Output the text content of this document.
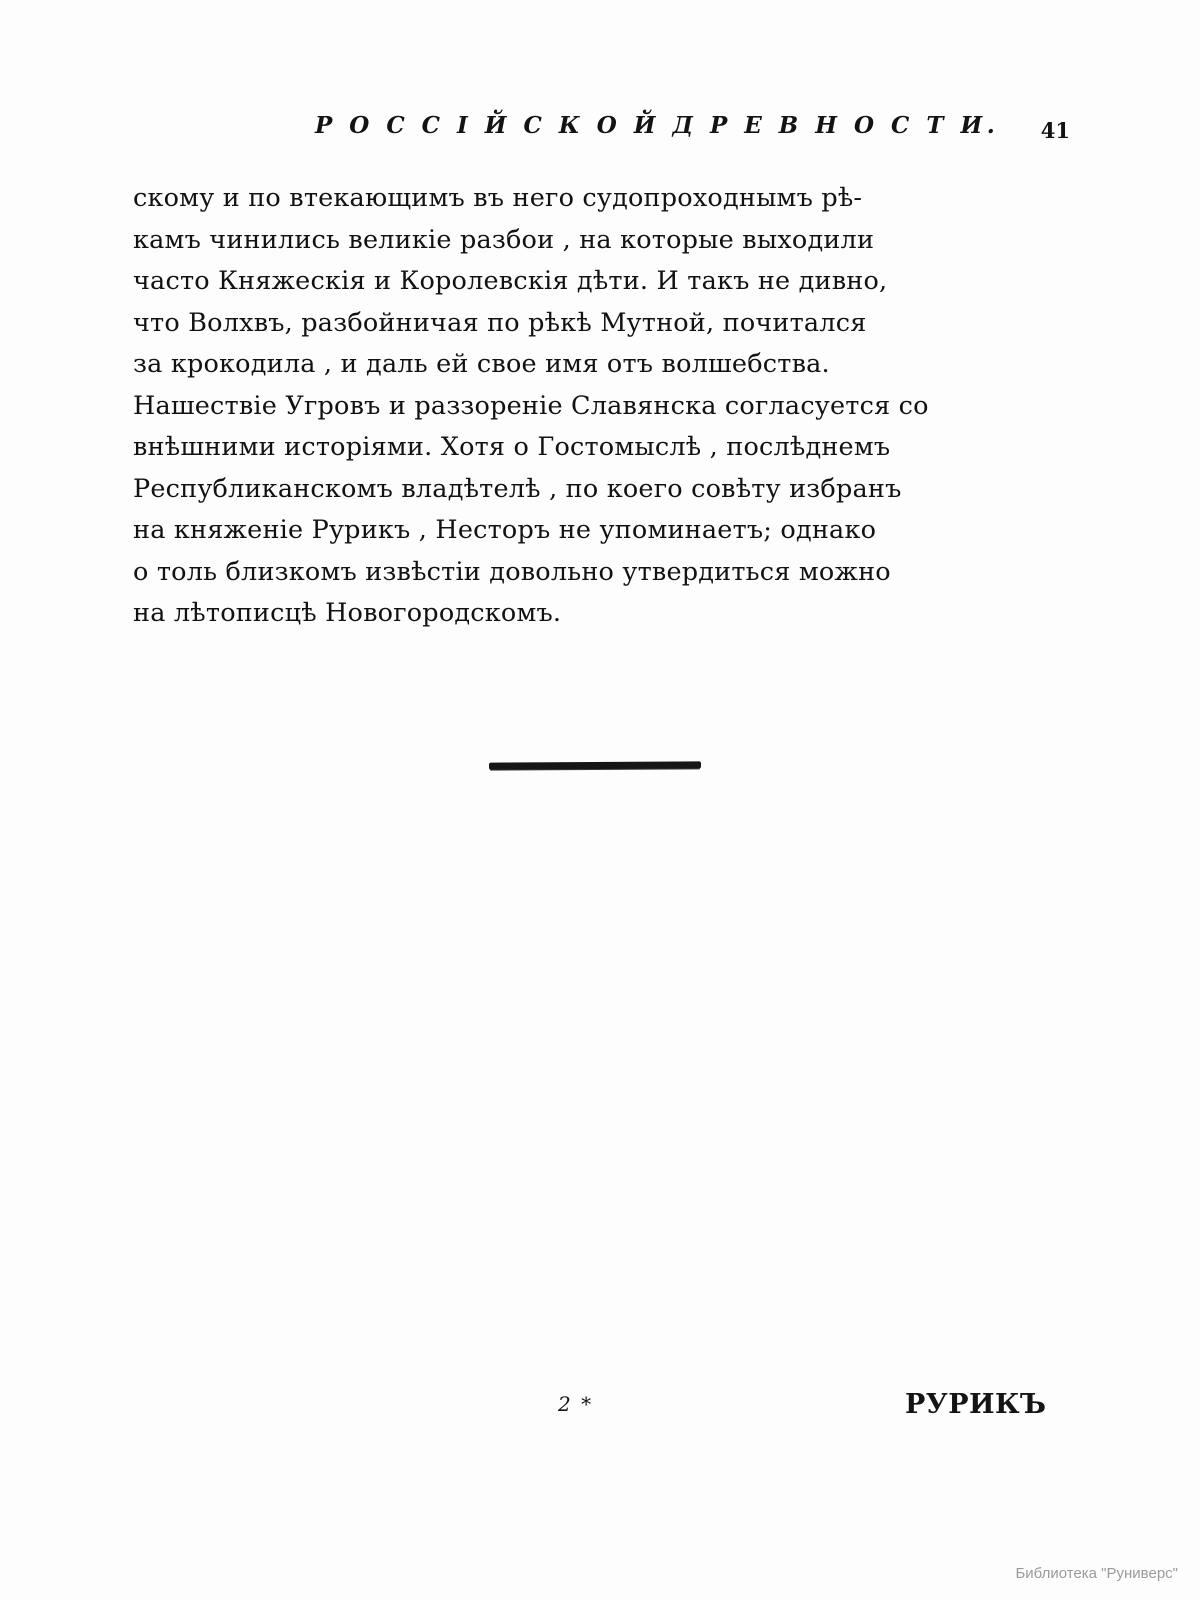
Р О С С І Й С К О Й Д Р Е В Н О С Т И. 41
скому и по втекающимъ въ него судопроходнымъ рѣ-
камъ чинились великіе разбои , на которые выходили
часто Княжескія и Королевскія дѣти. И такъ не дивно,
что Волхвъ, разбойничая по рѣкѣ Мутной, почитался
за крокодила , и даль ей свое имя отъ волшебства.
Нашествіе Угровъ и раззореніе Славянска согласуется со
внѣшними исторіями. Хотя о Гостомыслѣ , послѣднемъ
Республиканскомъ владѣтелѣ , по коего совѣту избранъ
на княженіе Рурикъ , Несторъ не упоминаетъ; однако
о толь близкомъ извѣстіи довольно утвердиться можно
на лѣтописцѣ Новогородскомъ.
2 *	РУРИКЪ
Библиотека "Руниверс"
